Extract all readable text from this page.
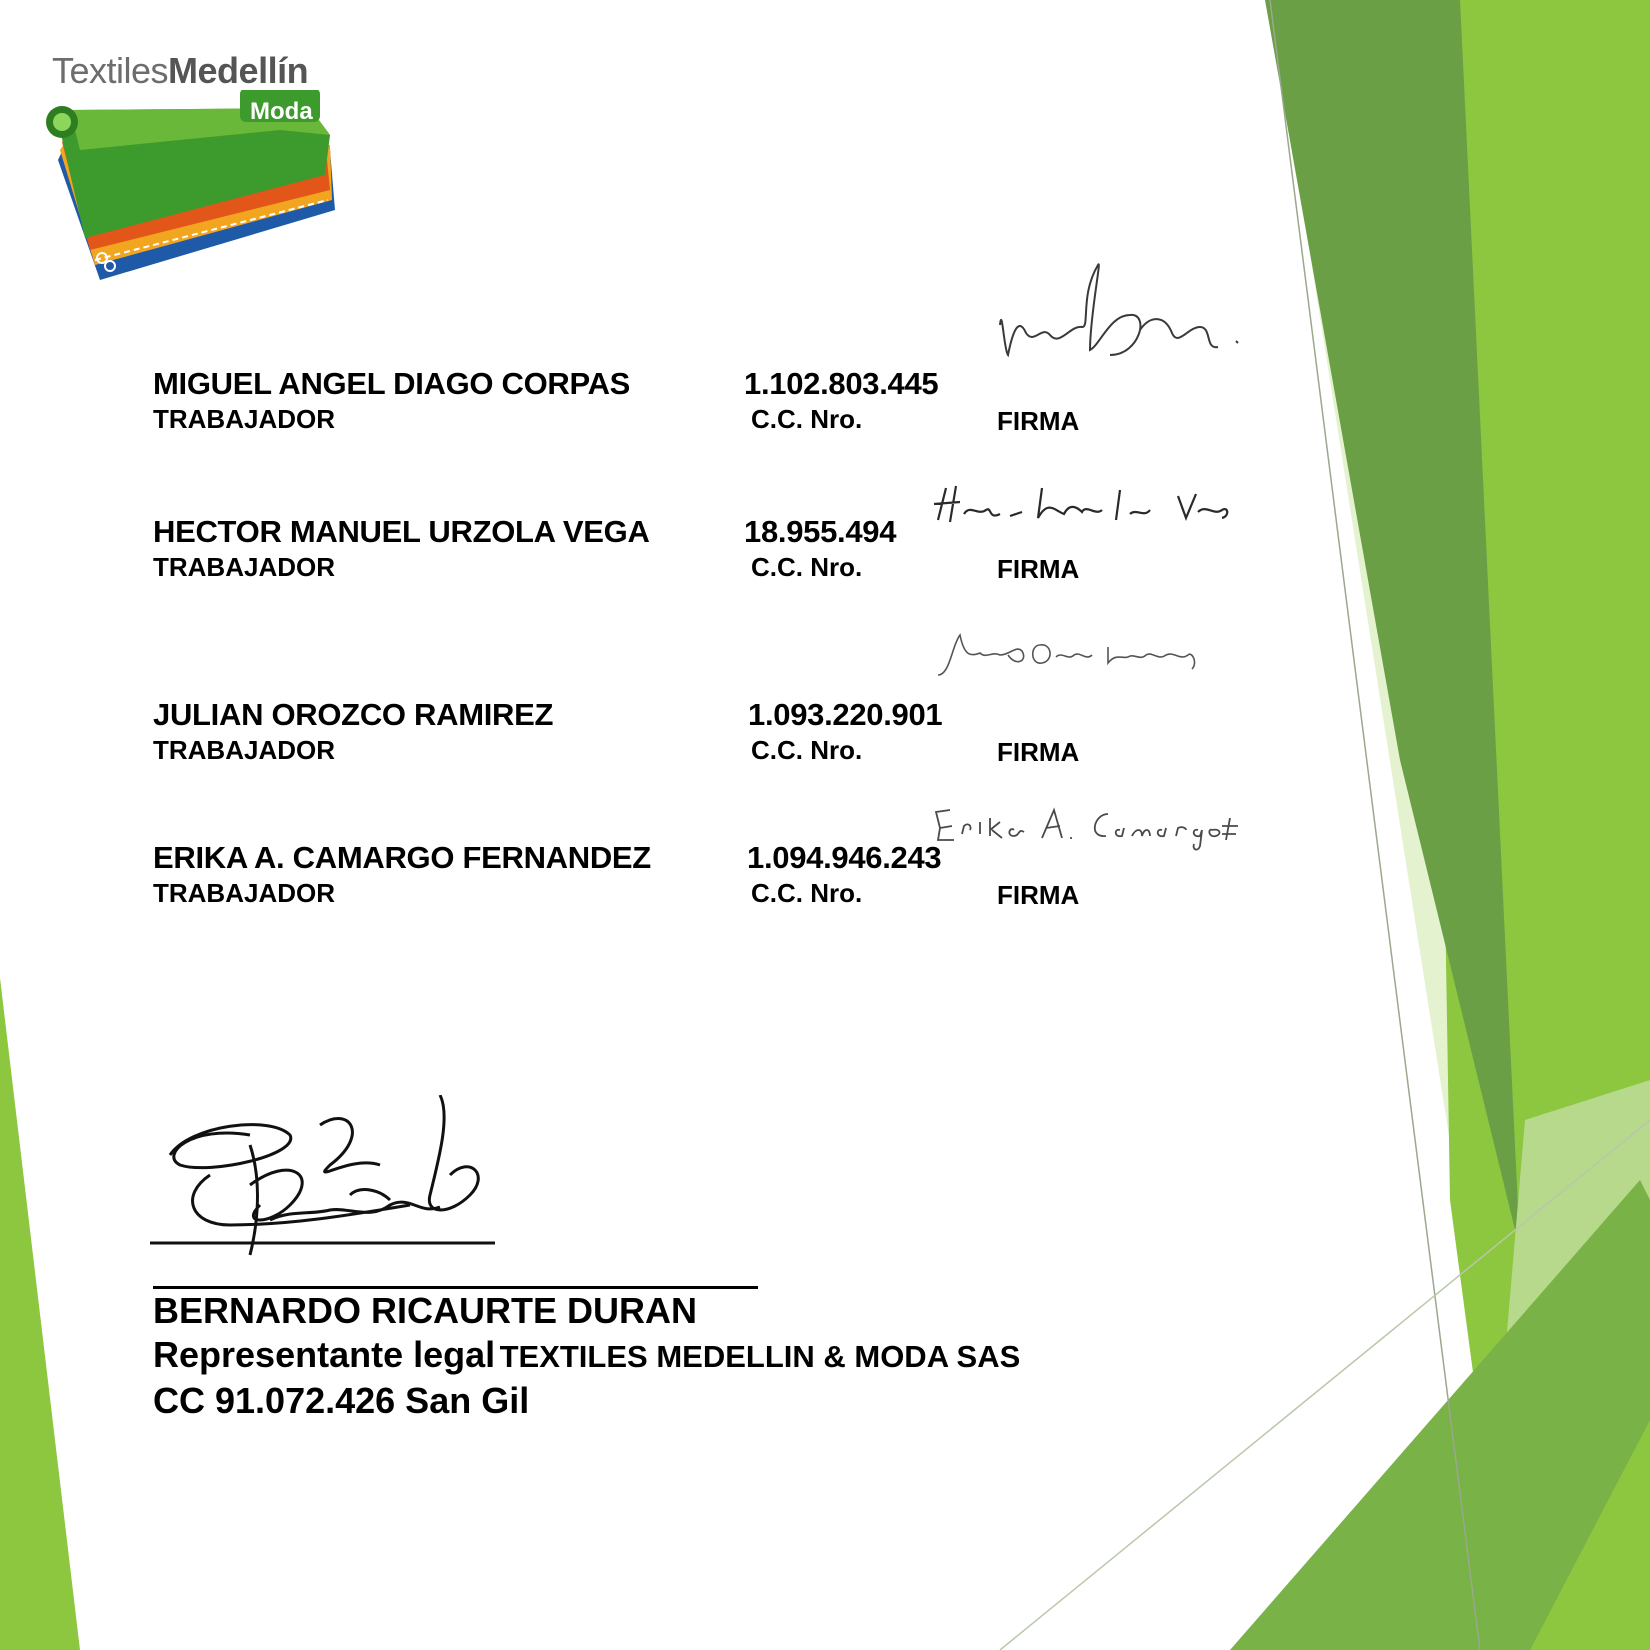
TextilesMedellín
Moda
MIGUEL ANGEL DIAGO CORPAS	1.102.803.445
TRABAJADOR	C.C. Nro.	FIRMA
HECTOR MANUEL URZOLA VEGA	18.955.494
TRABAJADOR	C.C. Nro.	FIRMA
JULIAN OROZCO RAMIREZ	1.093.220.901
TRABAJADOR	C.C. Nro.	FIRMA
ERIKA A. CAMARGO FERNANDEZ	1.094.946.243
TRABAJADOR	C.C. Nro.	FIRMA
BERNARDO RICAURTE DURAN
Representante legal TEXTILES MEDELLIN & MODA SAS
CC 91.072.426 San Gil
